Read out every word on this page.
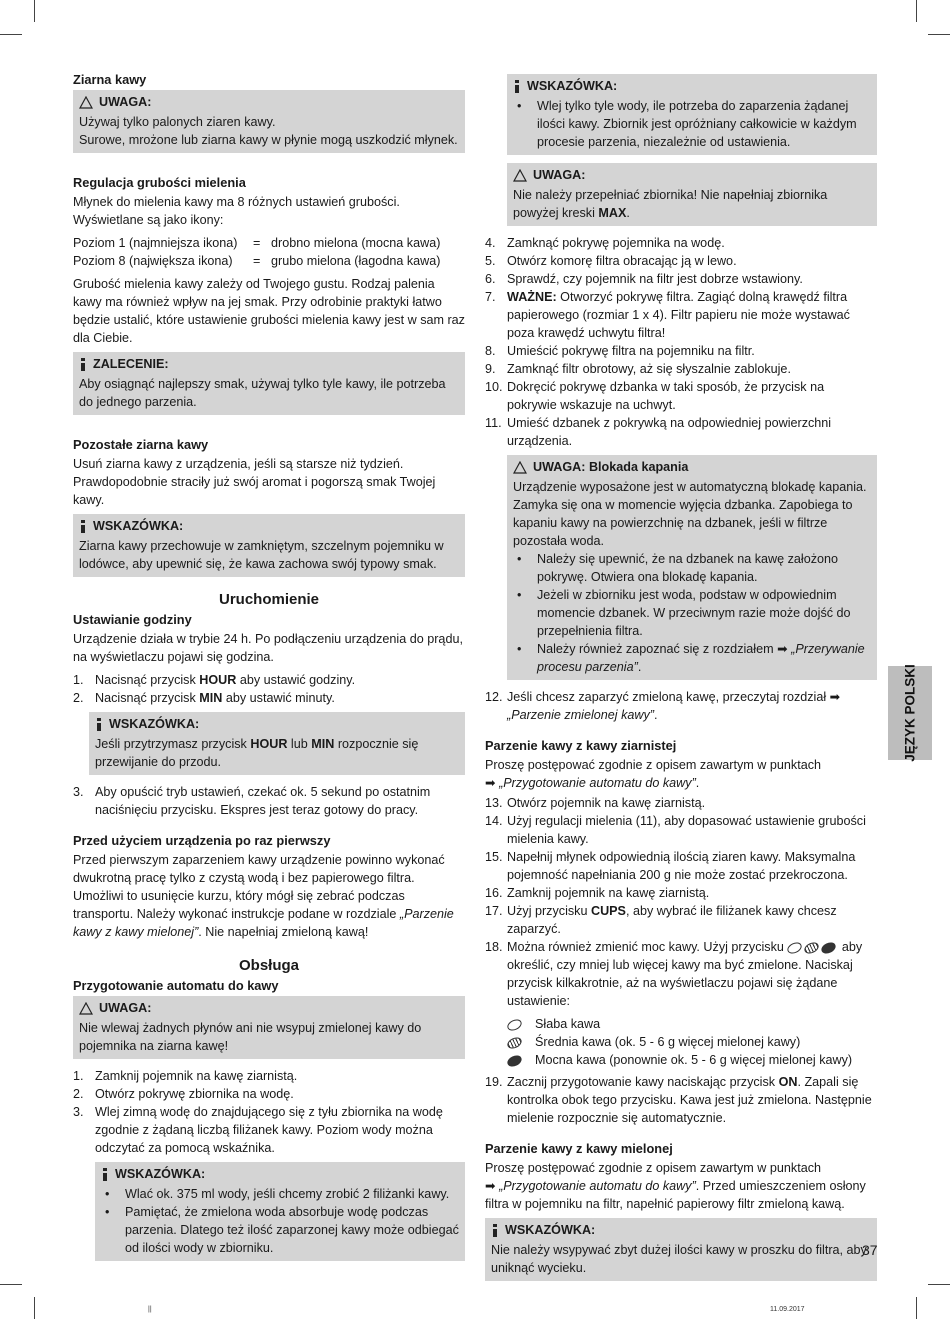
Ziarna kawy
UWAGA:
Używaj tylko palonych ziaren kawy.
Surowe, mrożone lub ziarna kawy w płynie mogą uszkodzić młynek.
Regulacja grubości mielenia
Młynek do mielenia kawy ma 8 różnych ustawień grubości. Wyświetlane są jako ikony:
Poziom 1 (najmniejsza ikona)	= drobno mielona (mocna kawa)
Poziom 8 (największa ikona)	= grubo mielona (łagodna kawa)
Grubość mielenia kawy zależy od Twojego gustu. Rodzaj palenia kawy ma również wpływ na jej smak. Przy odrobinie praktyki łatwo będzie ustalić, które ustawienie grubości mielenia kawy jest w sam raz dla Ciebie.
ZALECENIE:
Aby osiągnąć najlepszy smak, używaj tylko tyle kawy, ile potrzeba do jednego parzenia.
Pozostałe ziarna kawy
Usuń ziarna kawy z urządzenia, jeśli są starsze niż tydzień. Prawdopodobnie straciły już swój aromat i pogorszą smak Twojej kawy.
WSKAZÓWKA:
Ziarna kawy przechowuje w zamkniętym, szczelnym pojemniku w lodówce, aby upewnić się, że kawa zachowa swój typowy smak.
Uruchomienie
Ustawianie godziny
Urządzenie działa w trybie 24 h. Po podłączeniu urządzenia do prądu, na wyświetlaczu pojawi się godzina.
1. Nacisnąć przycisk HOUR aby ustawić godziny.
2. Nacisnąć przycisk MIN aby ustawić minuty.
WSKAZÓWKA:
Jeśli przytrzymasz przycisk HOUR lub MIN rozpocznie się przewijanie do przodu.
3. Aby opuścić tryb ustawień, czekać ok. 5 sekund po ostatnim naciśnięciu przycisku. Ekspres jest teraz gotowy do pracy.
Przed użyciem urządzenia po raz pierwszy
Przed pierwszym zaparzeniem kawy urządzenie powinno wykonać dwukrotną pracę tylko z czystą wodą i bez papierowego filtra. Umożliwi to usunięcie kurzu, który mógł się zebrać podczas transportu. Należy wykonać instrukcje podane w rozdziale „Parzenie kawy z kawy mielonej”. Nie napełniaj zmieloną kawą!
Obsługa
Przygotowanie automatu do kawy
UWAGA:
Nie wlewaj żadnych płynów ani nie wsypuj zmielonej kawy do pojemnika na ziarna kawę!
1. Zamknij pojemnik na kawę ziarnistą.
2. Otwórz pokrywę zbiornika na wodę.
3. Wlej zimną wodę do znajdującego się z tyłu zbiornika na wodę zgodnie z żądaną liczbą filiżanek kawy. Poziom wody można odczytać za pomocą wskaźnika.
WSKAZÓWKA:
•	Wlać ok. 375 ml wody, jeśli chcemy zrobić 2 filiżanki kawy.
•	Pamiętać, że zmielona woda absorbuje wodę podczas parzenia. Dlatego też ilość zaparzonej kawy może odbiegać od ilości wody w zbiorniku.
WSKAZÓWKA:
•	Wlej tylko tyle wody, ile potrzeba do zaparzenia żądanej ilości kawy. Zbiornik jest opróżniany całkowicie w każdym procesie parzenia, niezależnie od ustawienia.
UWAGA:
Nie należy przepełniać zbiornika! Nie napełniaj zbiornika powyżej kreski MAX.
4. Zamknąć pokrywę pojemnika na wodę.
5. Otwórz komorę filtra obracając ją w lewo.
6. Sprawdź, czy pojemnik na filtr jest dobrze wstawiony.
7. WAŻNE: Otworzyć pokrywę filtra. Zagiąć dolną krawędź filtra papierowego (rozmiar 1 x 4). Filtr papieru nie może wystawać poza krawędź uchwytu filtra!
8. Umieścić pokrywę filtra na pojemniku na filtr.
9. Zamknąć filtr obrotowy, aż się słyszalnie zablokuje.
10. Dokręcić pokrywę dzbanka w taki sposób, że przycisk na pokrywie wskazuje na uchwyt.
11. Umieść dzbanek z pokrywką na odpowiedniej powierzchni urządzenia.
UWAGA: Blokada kapania
Urządzenie wyposażone jest w automatyczną blokadę kapania. Zamyka się ona w momencie wyjęcia dzbanka. Zapobiega to kapaniu kawy na powierzchnię na dzbanek, jeśli w filtrze pozostała woda.
•	Należy się upewnić, że na dzbanek na kawę założono pokrywę. Otwiera ona blokadę kapania.
•	Jeżeli w zbiorniku jest woda, podstaw w odpowiednim momencie dzbanek. W przeciwnym razie może dojść do przepełnienia filtra.
•	Należy również zapoznać się z rozdziałem ➡ „Przerywanie procesu parzenia”.
12. Jeśli chcesz zaparzyć zmieloną kawę, przeczytaj rozdział ➡ „Parzenie zmielonej kawy”.
Parzenie kawy z kawy ziarnistej
Proszę postępować zgodnie z opisem zawartym w punktach
➡ „Przygotowanie automatu do kawy”.
13. Otwórz pojemnik na kawę ziarnistą.
14. Użyj regulacji mielenia (11), aby dopasować ustawienie grubości mielenia kawy.
15. Napełnij młynek odpowiednią ilością ziaren kawy. Maksymalna pojemność napełniania 200 g nie może zostać przekroczona.
16. Zamknij pojemnik na kawę ziarnistą.
17. Użyj przycisku CUPS, aby wybrać ile filiżanek kawy chcesz zaparzyć.
18. Można również zmienić moc kawy. Użyj przycisku	aby określić, czy mniej lub więcej kawy ma być zmielone. Naciskaj przycisk kilkakrotnie, aż na wyświetlaczu pojawi się żądane ustawienie:
Słaba kawa
Średnia kawa (ok. 5 - 6 g więcej mielonej kawy)
Mocna kawa (ponownie ok. 5 - 6 g więcej mielonej kawy)
19. Zacznij przygotowanie kawy naciskając przycisk ON. Zapali się kontrolka obok tego przycisku. Kawa jest już zmielona. Następnie mielenie rozpocznie się automatycznie.
Parzenie kawy z kawy mielonej
Proszę postępować zgodnie z opisem zawartym w punktach
➡ „Przygotowanie automatu do kawy”. Przed umieszczeniem osłony filtra w pojemniku na filtr, napełnić papierowy filtr zmieloną kawą.
WSKAZÓWKA:
Nie należy wsypywać zbyt dużej ilości kawy w proszku do filtra, aby uniknąć wycieku.
JĘZYK POLSKI
37
||	11.09.2017
